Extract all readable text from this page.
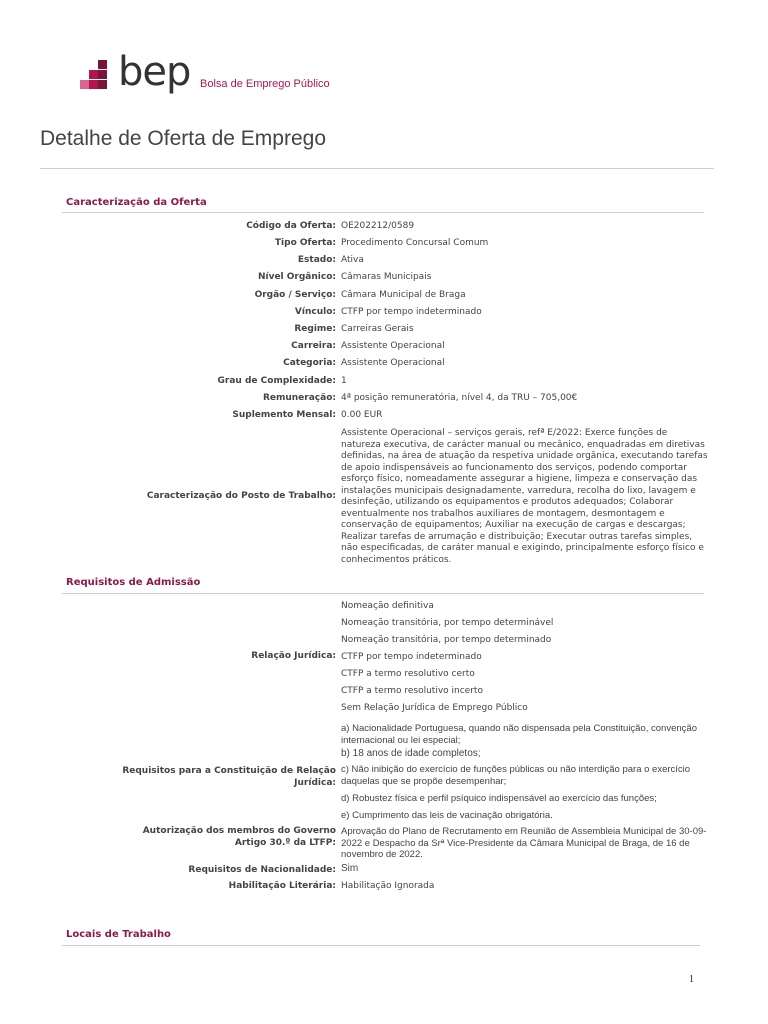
bep Bolsa de Emprego Público
Detalhe de Oferta de Emprego
Caracterização da Oferta
Código da Oferta: OE202212/0589
Tipo Oferta: Procedimento Concursal Comum
Estado: Ativa
Nível Orgânico: Câmaras Municipais
Orgão / Serviço: Câmara Municipal de Braga
Vínculo: CTFP por tempo indeterminado
Regime: Carreiras Gerais
Carreira: Assistente Operacional
Categoria: Assistente Operacional
Grau de Complexidade: 1
Remuneração: 4ª posição remuneratória, nível 4, da TRU – 705,00€
Suplemento Mensal: 0.00 EUR
Caracterização do Posto de Trabalho:
Assistente Operacional – serviços gerais, refª E/2022: Exerce funções de natureza executiva, de carácter manual ou mecânico, enquadradas em diretivas definidas, na área de atuação da respetiva unidade orgânica, executando tarefas de apoio indispensáveis ao funcionamento dos serviços, podendo comportar esforço físico, nomeadamente assegurar a higiene, limpeza e conservação das instalações municipais designadamente, varredura, recolha do lixo, lavagem e desinfeção, utilizando os equipamentos e produtos adequados; Colaborar eventualmente nos trabalhos auxiliares de montagem, desmontagem e conservação de equipamentos; Auxiliar na execução de cargas e descargas; Realizar tarefas de arrumação e distribuição; Executar outras tarefas simples, não especificadas, de caráter manual e exigindo, principalmente esforço físico e conhecimentos práticos.
Requisitos de Admissão
Relação Jurídica:
Nomeação definitiva
Nomeação transitória, por tempo determinável
Nomeação transitória, por tempo determinado
CTFP por tempo indeterminado
CTFP a termo resolutivo certo
CTFP a termo resolutivo incerto
Sem Relação Jurídica de Emprego Público
Requisitos para a Constituição de Relação Jurídica:
a) Nacionalidade Portuguesa, quando não dispensada pela Constituição, convenção internacional ou lei especial;
b) 18 anos de idade completos;
c) Não inibição do exercício de funções públicas ou não interdição para o exercício daquelas que se propõe desempenhar;
d) Robustez física e perfil psíquico indispensável ao exercício das funções;
e) Cumprimento das leis de vacinação obrigatória.
Autorização dos membros do Governo Artigo 30.º da LTFP:
Aprovação do Plano de Recrutamento em Reunião de Assembleia Municipal de 30-09-2022 e Despacho da Srª Vice-Presidente da Câmara Municipal de Braga, de 16 de novembro de 2022.
Requisitos de Nacionalidade: Sim
Habilitação Literária: Habilitação Ignorada
Locais de Trabalho
1
